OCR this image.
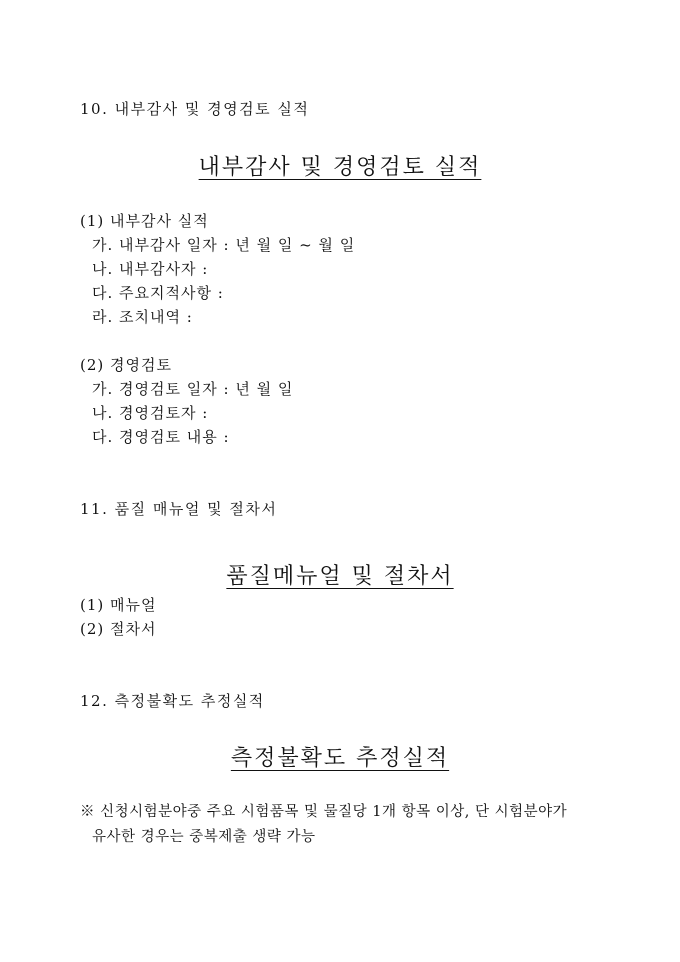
10. 내부감사 및 경영검토 실적
내부감사 및 경영검토 실적
(1) 내부감사 실적
가. 내부감사 일자 : 년 월 일 ~ 월 일
나. 내부감사자 :
다. 주요지적사항 :
라. 조치내역 :
(2) 경영검토
가. 경영검토 일자 : 년 월 일
나. 경영검토자 :
다. 경영검토 내용 :
11. 품질 매뉴얼 및 절차서
품질메뉴얼 및 절차서
(1) 매뉴얼
(2) 절차서
12. 측정불확도 추정실적
측정불확도 추정실적
※ 신청시험분야중 주요 시험품목 및 물질당 1개 항목 이상, 단 시험분야가
유사한 경우는 중복제출 생략 가능
